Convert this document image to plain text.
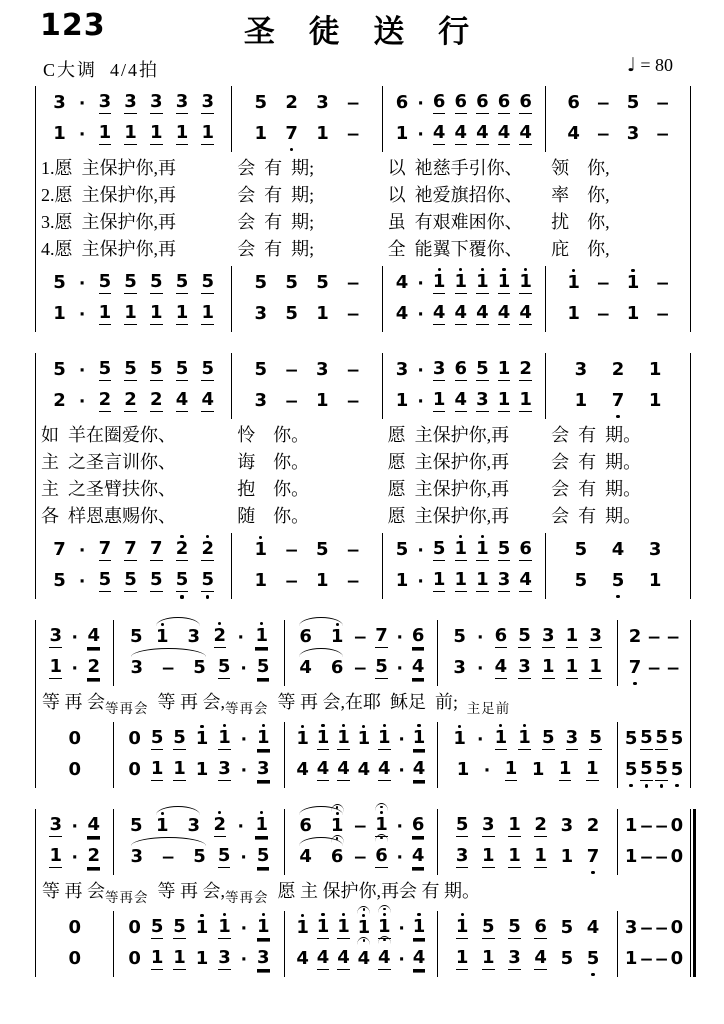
123	圣 徒 送 行
C大调 4/4拍	♩ = 80
3 · 3 3 3 3 3
1 · 1 1 1 1 1
5 2 3 −
1 7 1 −
6 · 6 6 6 6 6
1 · 4 4 4 4 4
6 − 5 −
4 − 3 −
1.愿  主保护你,再	会  有  期;	以  祂慈手引你、	领    你,
2.愿  主保护你,再	会  有  期;	以  祂爱旗招你、	率    你,
3.愿  主保护你,再	会  有  期;	虽  有艰难困你、	扰    你,
4.愿  主保护你,再	会  有  期;	全  能翼下覆你、	庇    你,
5 · 5 5 5 5 5
1 · 1 1 1 1 1
5 5 5 −
3 5 1 −
4 · 1 1 1 1 1
4 · 4 4 4 4 4
1 − 1 −
1 − 1 −
5 · 5 5 5 5 5
2 · 2 2 2 4 4
5 − 3 −
3 − 1 −
3 · 3 6 5 1 2
1 · 1 4 3 1 1
3 2 1
1 7 1
如  羊在圈爱你、	怜    你。	愿  主保护你,再	会  有  期。
主  之圣言训你、	诲    你。	愿  主保护你,再	会  有  期。
主  之圣臂扶你、	抱    你。	愿  主保护你,再	会  有  期。
各  样恩惠赐你、	随    你。	愿  主保护你,再	会  有  期。
7 · 7 7 7 2 2
5 · 5 5 5 5 5
1 − 5 −
1 − 1 −
5 · 5 1 1 5 6
1 · 1 1 1 3 4
5 4 3
5 5 1
3 · 4
1 · 2
5 1 3 2 · 1
3 − 5 5 · 5
6 1 − 7 · 6
4 6 − 5 · 4
5 · 6 5 3 1 3
3 · 4 3 1 1 1
2 − −
7 − −
等 再 会$_{等再会}$  等 再 会$,_{等再会}$  等 再 会,在耶  稣足  前;  $_{主足前}$
0
0
0 5 5 1 1 · 1
0 1 1 1 3 · 3
1 1 1 1 1 · 1
4 4 4 4 4 · 4
1 · 1 1 5 3 5
1 · 1 1 1 1
5 5 5 5
5 5 5 5
3 · 4
1 · 2
5 1 3 2 · 1
3 − 5 5 · 5
6 1 − 1 · 6
4 6 − 6 · 4
5 3 1 2 3 2
3 1 1 1 1 7
1 − − 0
1 − − 0
等 再 会$_{等再会}$  等 再 会$,_{等再会}$  愿 主 保护你,再会 有 期。
0
0
0 5 5 1 1 · 1
0 1 1 1 3 · 3
1 1 1 1 1 · 1
4 4 4 4 4 · 4
1 5 5 6 5 4
1 1 3 4 5 5
3 − − 0
1 − − 0
